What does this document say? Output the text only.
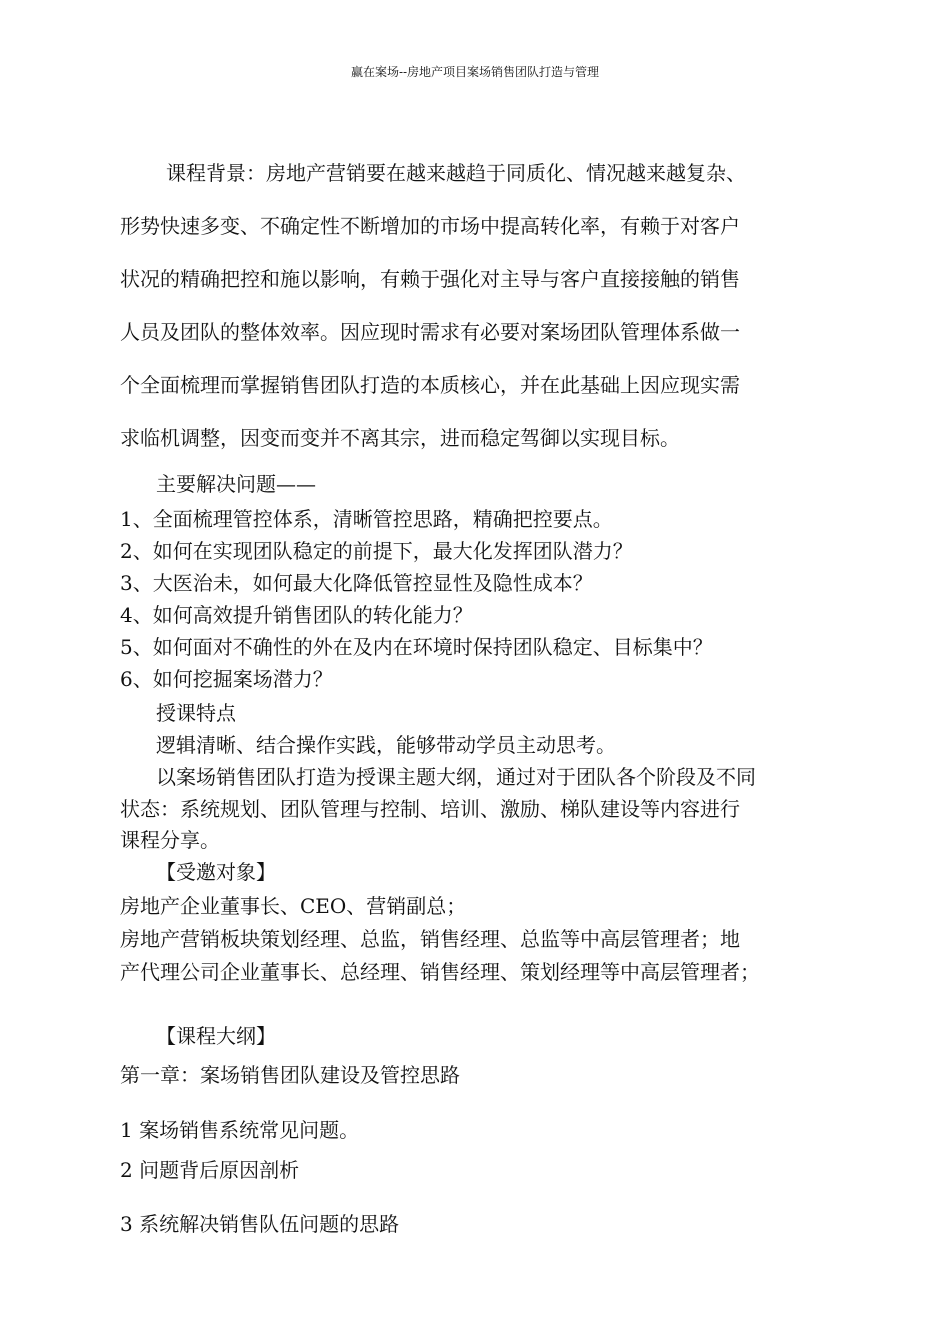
赢在案场--房地产项目案场销售团队打造与管理
课程背景：房地产营销要在越来越趋于同质化、情况越来越复杂、
形势快速多变、不确定性不断增加的市场中提高转化率，有赖于对客户
状况的精确把控和施以影响，有赖于强化对主导与客户直接接触的销售
人员及团队的整体效率。因应现时需求有必要对案场团队管理体系做一
个全面梳理而掌握销售团队打造的本质核心，并在此基础上因应现实需
求临机调整，因变而变并不离其宗，进而稳定驾御以实现目标。
主要解决问题——
1、全面梳理管控体系，清晰管控思路，精确把控要点。
2、如何在实现团队稳定的前提下，最大化发挥团队潜力？
3、大医治未，如何最大化降低管控显性及隐性成本？
4、如何高效提升销售团队的转化能力？
5、如何面对不确性的外在及内在环境时保持团队稳定、目标集中？
6、如何挖掘案场潜力？
授课特点
逻辑清晰、结合操作实践，能够带动学员主动思考。
以案场销售团队打造为授课主题大纲，通过对于团队各个阶段及不同
状态：系统规划、团队管理与控制、培训、激励、梯队建设等内容进行
课程分享。
【受邀对象】
房地产企业董事长、CEO、营销副总；
房地产营销板块策划经理、总监，销售经理、总监等中高层管理者；地
产代理公司企业董事长、总经理、销售经理、策划经理等中高层管理者；
【课程大纲】
第一章：案场销售团队建设及管控思路
1 案场销售系统常见问题。
2 问题背后原因剖析
3 系统解决销售队伍问题的思路
